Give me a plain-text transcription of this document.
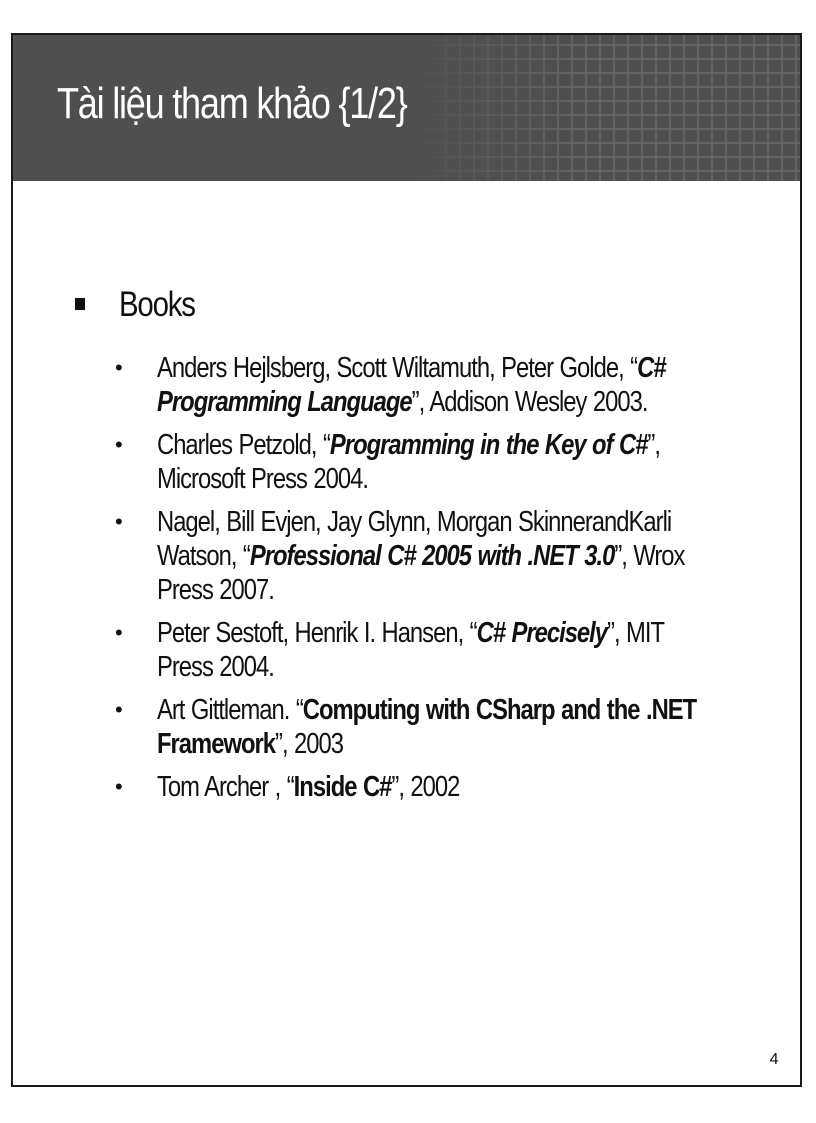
Tài liệu tham khảo {1/2}
Books
• Anders Hejlsberg, Scott Wiltamuth, Peter Golde, “C# Programming Language”, Addison Wesley 2003.
• Charles Petzold, “Programming in the Key of C#”, Microsoft Press 2004.
• Nagel, Bill Evjen, Jay Glynn, Morgan SkinnerandKarli Watson, “Professional C# 2005 with .NET 3.0”, Wrox Press 2007.
• Peter Sestoft, Henrik I. Hansen, “C# Precisely”, MIT Press 2004.
• Art Gittleman. “Computing with CSharp and the .NET Framework”, 2003
• Tom Archer , “Inside C#”, 2002
4
